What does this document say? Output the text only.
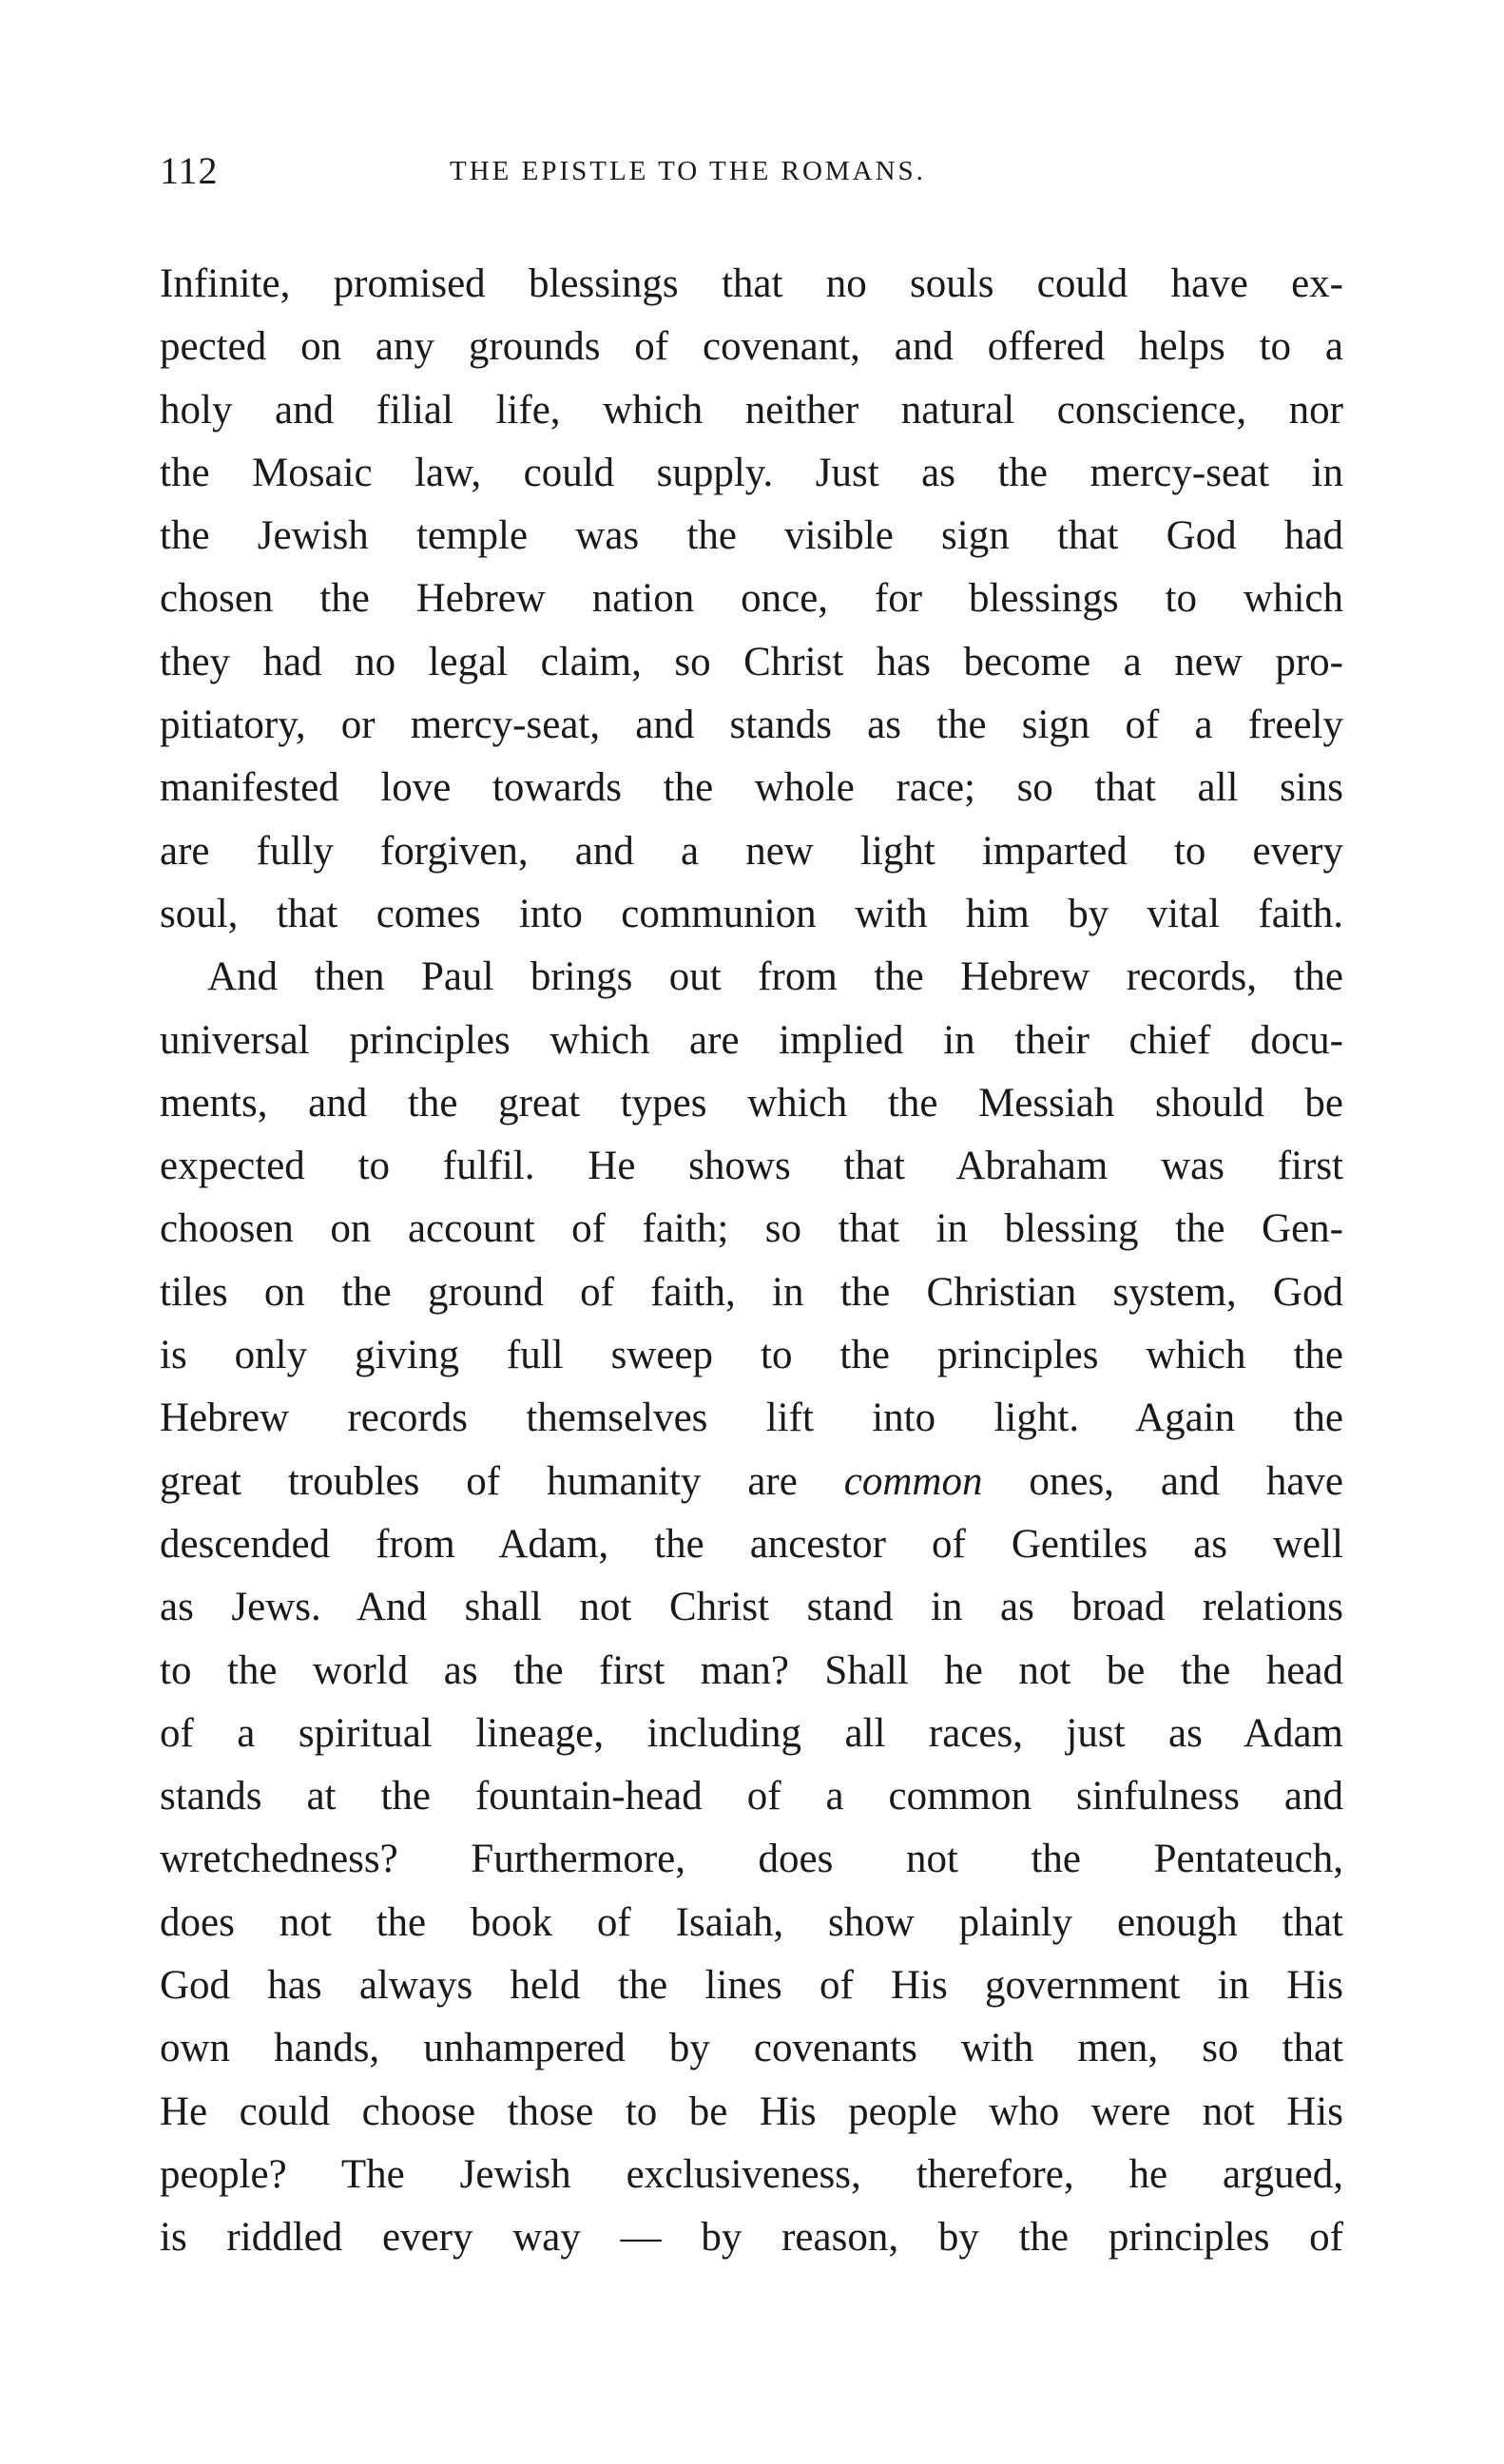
112	THE EPISTLE TO THE ROMANS.
Infinite, promised blessings that no souls could have ex-
pected on any grounds of covenant, and offered helps to a
holy and filial life, which neither natural conscience, nor
the Mosaic law, could supply. Just as the mercy-seat in
the Jewish temple was the visible sign that God had
chosen the Hebrew nation once, for blessings to which
they had no legal claim, so Christ has become a new pro-
pitiatory, or mercy-seat, and stands as the sign of a freely
manifested love towards the whole race; so that all sins
are fully forgiven, and a new light imparted to every
soul, that comes into communion with him by vital faith.
And then Paul brings out from the Hebrew records, the
universal principles which are implied in their chief docu-
ments, and the great types which the Messiah should be
expected to fulfil. He shows that Abraham was first
choosen on account of faith; so that in blessing the Gen-
tiles on the ground of faith, in the Christian system, God
is only giving full sweep to the principles which the
Hebrew records themselves lift into light. Again the
great troubles of humanity are common ones, and have
descended from Adam, the ancestor of Gentiles as well
as Jews. And shall not Christ stand in as broad relations
to the world as the first man? Shall he not be the head
of a spiritual lineage, including all races, just as Adam
stands at the fountain-head of a common sinfulness and
wretchedness? Furthermore, does not the Pentateuch,
does not the book of Isaiah, show plainly enough that
God has always held the lines of His government in His
own hands, unhampered by covenants with men, so that
He could choose those to be His people who were not His
people? The Jewish exclusiveness, therefore, he argued,
is riddled every way — by reason, by the principles of
